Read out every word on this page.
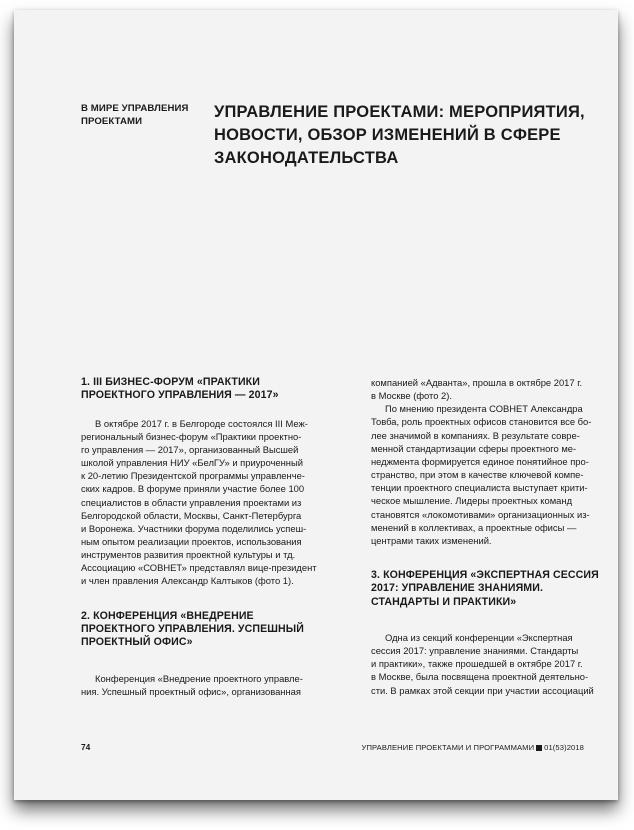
В МИРЕ УПРАВЛЕНИЯ
ПРОЕКТАМИ
УПРАВЛЕНИЕ ПРОЕКТАМИ: МЕРОПРИЯТИЯ,
НОВОСТИ, ОБЗОР ИЗМЕНЕНИЙ В СФЕРЕ
ЗАКОНОДАТЕЛЬСТВА
1. III БИЗНЕС-ФОРУМ «ПРАКТИКИ
ПРОЕКТНОГО УПРАВЛЕНИЯ — 2017»
В октябре 2017 г. в Белгороде состоялся III Меж-
региональный бизнес-форум «Практики проектно-
го управления — 2017», организованный Высшей
школой управления НИУ «БелГУ» и приуроченный
к 20-летию Президентской программы управленче-
ских кадров. В форуме приняли участие более 100
специалистов в области управления проектами из
Белгородской области, Москвы, Санкт-Петербурга
и Воронежа. Участники форума поделились успеш-
ным опытом реализации проектов, использования
инструментов развития проектной культуры и тд.
Ассоциацию «СОВНЕТ» представлял вице-президент
и член правления Александр Калтыков (фото 1).
2. КОНФЕРЕНЦИЯ «ВНЕДРЕНИЕ
ПРОЕКТНОГО УПРАВЛЕНИЯ. УСПЕШНЫЙ
ПРОЕКТНЫЙ ОФИС»
Конференция «Внедрение проектного управле-
ния. Успешный проектный офис», организованная
компанией «Адванта», прошла в октябре 2017 г.
в Москве (фото 2).
По мнению президента СОВНЕТ Александра
Товба, роль проектных офисов становится все бо-
лее значимой в компаниях. В результате совре-
менной стандартизации сферы проектного ме-
неджмента формируется единое понятийное про-
странство, при этом в качестве ключевой компе-
тенции проектного специалиста выступает крити-
ческое мышление. Лидеры проектных команд
становятся «локомотивами» организационных из-
менений в коллективах, а проектные офисы —
центрами таких изменений.
3. КОНФЕРЕНЦИЯ «ЭКСПЕРТНАЯ СЕССИЯ
2017: УПРАВЛЕНИЕ ЗНАНИЯМИ.
СТАНДАРТЫ И ПРАКТИКИ»
Одна из секций конференции «Экспертная
сессия 2017: управление знаниями. Стандарты
и практики», также прошедшей в октябре 2017 г.
в Москве, была посвящена проектной деятельно-
сти. В рамках этой секции при участии ассоциаций
74	УПРАВЛЕНИЕ ПРОЕКТАМИ И ПРОГРАММАМИ 01(53)2018
